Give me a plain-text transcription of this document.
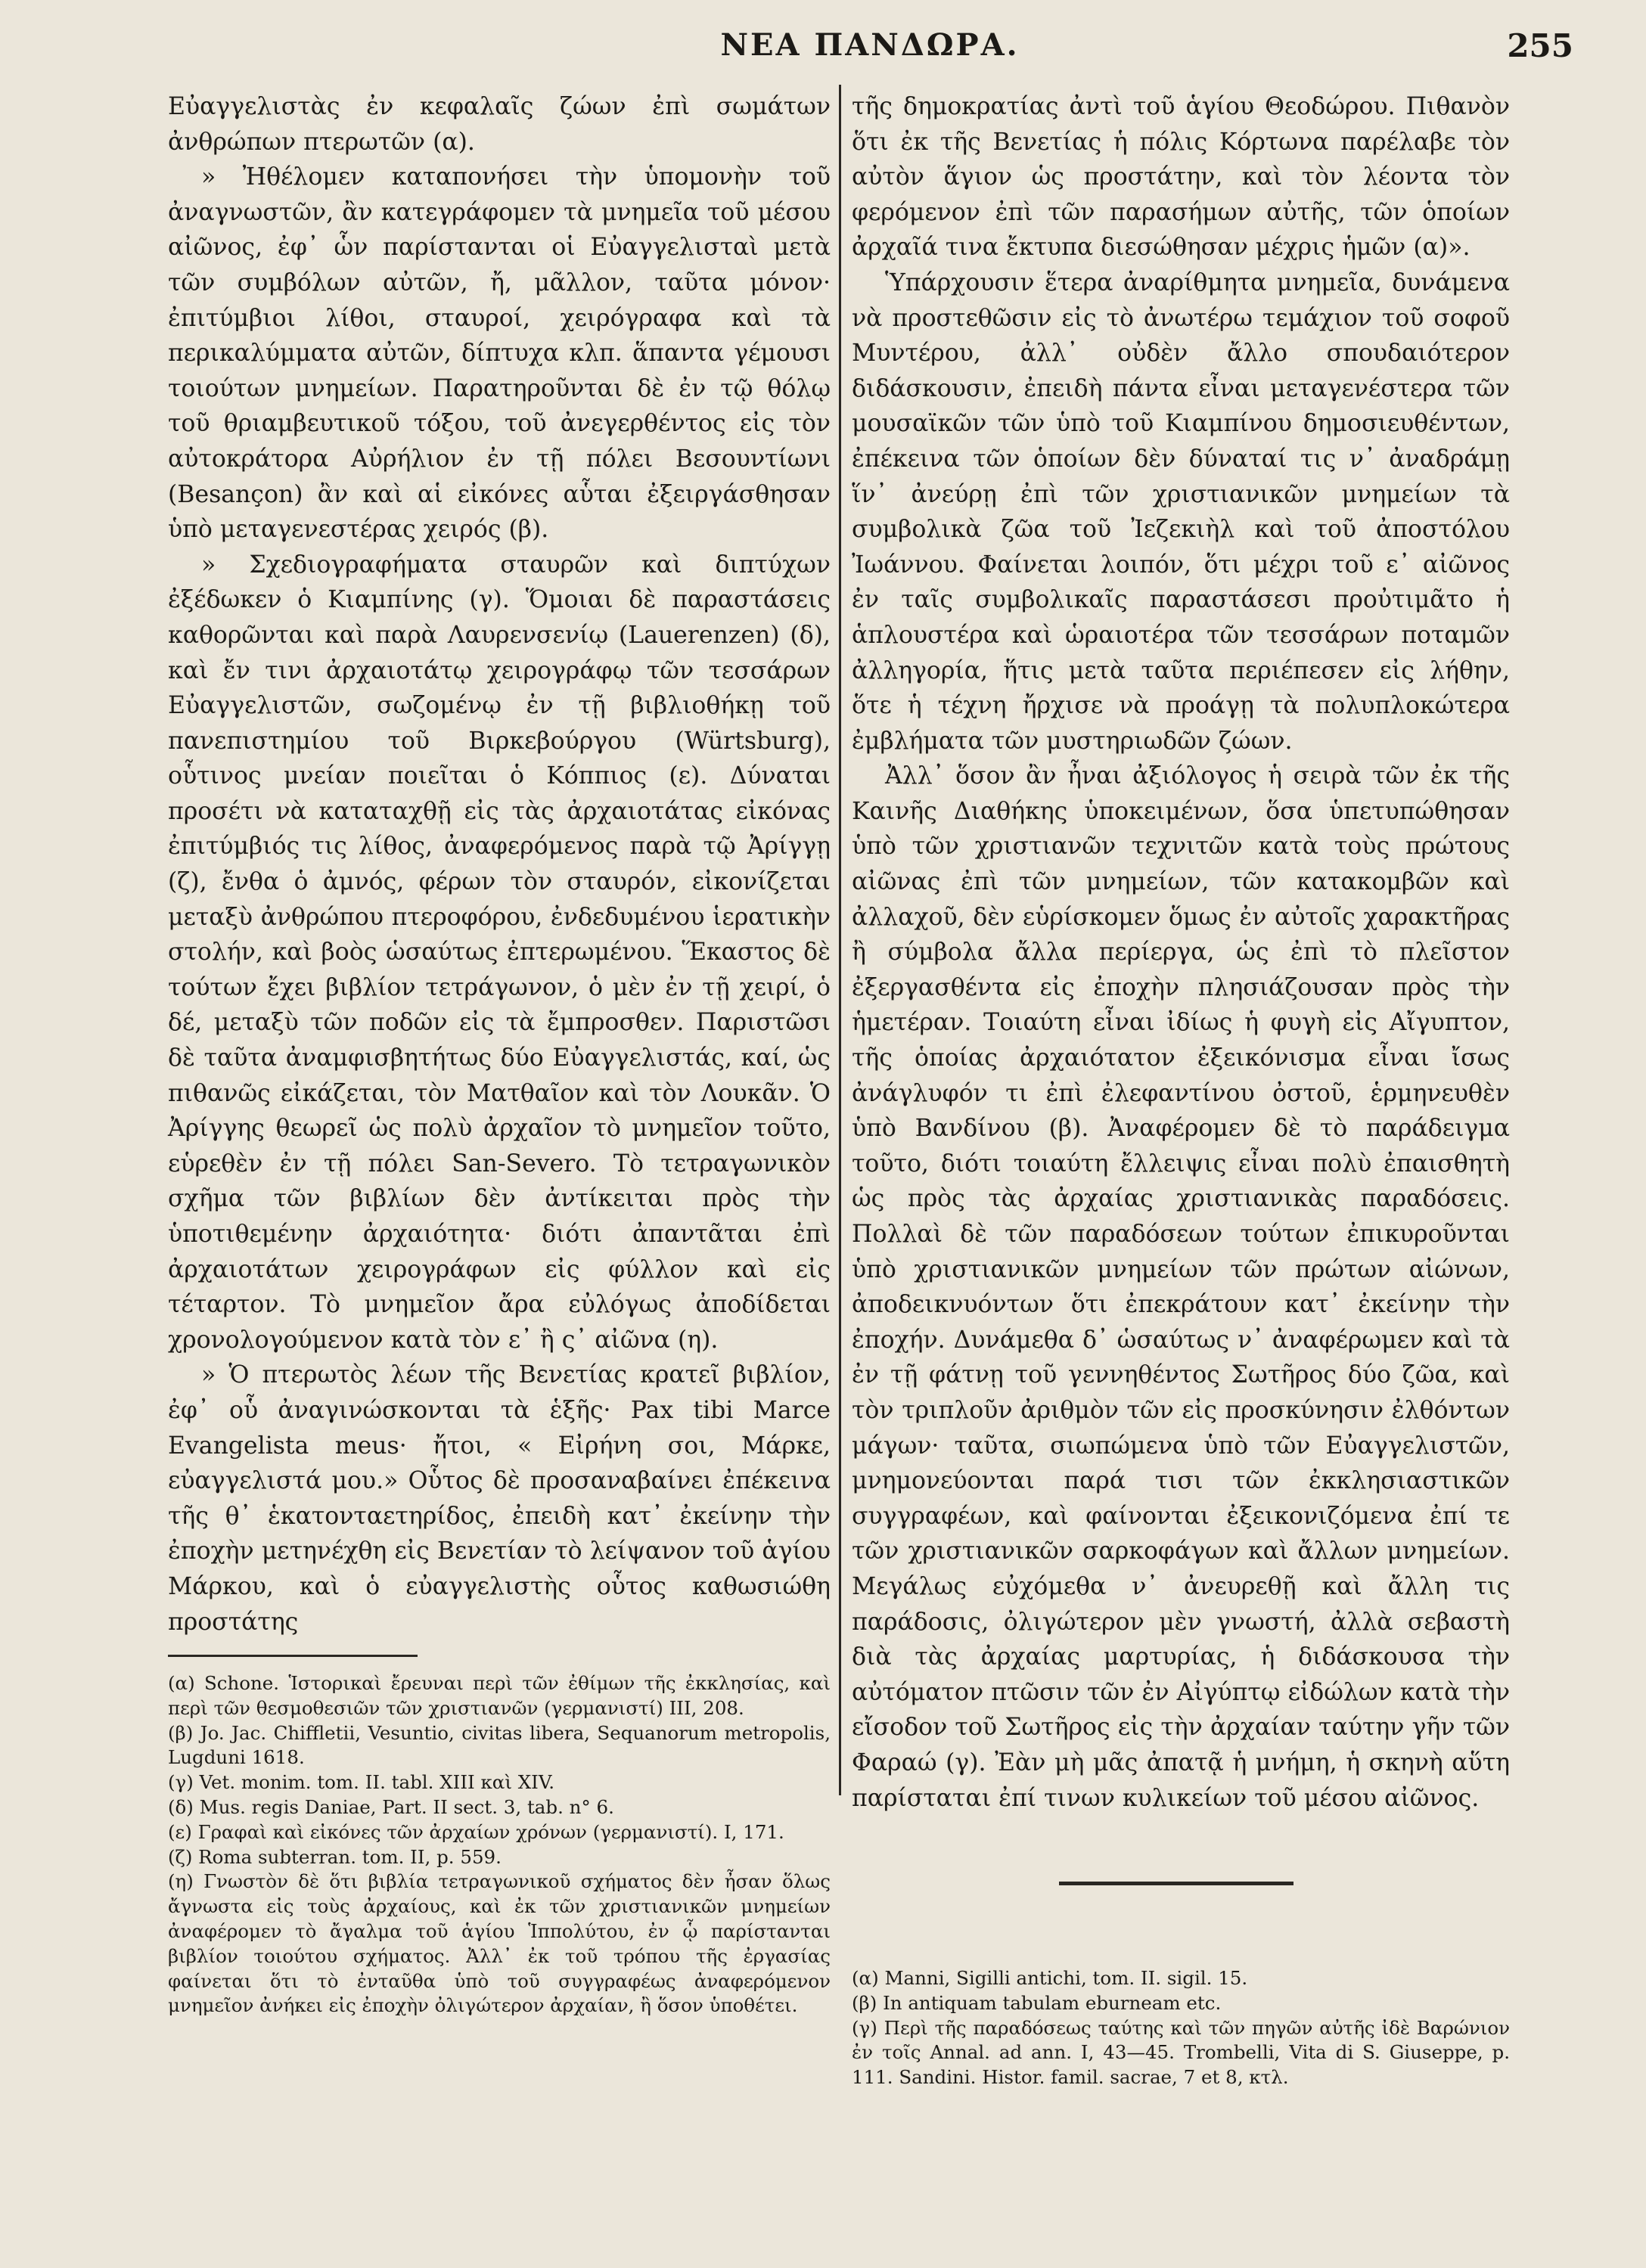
ΝΕΑ ΠΑΝΔΩΡΑ.	255

Εὐαγγελιστὰς ἐν κεφαλαῖς ζώων ἐπὶ σωμάτων ἀνθρώπων πτερωτῶν (α).

» Ἠθέλομεν καταπονήσει τὴν ὑπομονὴν τοῦ ἀναγνωστῶν, ἂν κατεγράφομεν τὰ μνημεῖα τοῦ μέσου αἰῶνος, ἐφ᾽ ὧν παρίστανται οἱ Εὐαγγελισταὶ μετὰ τῶν συμβόλων αὐτῶν, ἤ, μᾶλλον, ταῦτα μόνον· ἐπιτύμβιοι λίθοι, σταυροί, χειρόγραφα καὶ τὰ περικαλύμματα αὐτῶν, δίπτυχα κλπ. ἅπαντα γέμουσι τοιούτων μνημείων. Παρατηροῦνται δὲ ἐν τῷ θόλῳ τοῦ θριαμβευτικοῦ τόξου, τοῦ ἀνεγερθέντος εἰς τὸν αὐτοκράτορα Αὐρήλιον ἐν τῇ πόλει Βεσουντίωνι (Besançon) ἂν καὶ αἱ εἰκόνες αὗται ἐξειργάσθησαν ὑπὸ μεταγενεστέρας χειρός (β).

» Σχεδιογραφήματα σταυρῶν καὶ διπτύχων ἐξέδωκεν ὁ Κιαμπίνης (γ). Ὅμοιαι δὲ παραστάσεις καθορῶνται καὶ παρὰ Λαυρενσενίῳ (Lauerenzen) (δ), καὶ ἔν τινι ἀρχαιοτάτῳ χειρογράφῳ τῶν τεσσάρων Εὐαγγελιστῶν, σωζομένῳ ἐν τῇ βιβλιοθήκῃ τοῦ πανεπιστημίου τοῦ Βιρκεβούργου (Würtsburg), οὗτινος μνείαν ποιεῖται ὁ Κόππιος (ε). Δύναται προσέτι νὰ καταταχθῇ εἰς τὰς ἀρχαιοτάτας εἰκόνας ἐπιτύμβιός τις λίθος, ἀναφερόμενος παρὰ τῷ Ἀρίγγῃ (ζ), ἔνθα ὁ ἀμνός, φέρων τὸν σταυρόν, εἰκονίζεται μεταξὺ ἀνθρώπου πτεροφόρου, ἐνδεδυμένου ἱερατικὴν στολήν, καὶ βοὸς ὡσαύτως ἐπτερωμένου. Ἕκαστος δὲ τούτων ἔχει βιβλίον τετράγωνον, ὁ μὲν ἐν τῇ χειρί, ὁ δέ, μεταξὺ τῶν ποδῶν εἰς τὰ ἔμπροσθεν. Παριστῶσι δὲ ταῦτα ἀναμφισβητήτως δύο Εὐαγγελιστάς, καί, ὡς πιθανῶς εἰκάζεται, τὸν Ματθαῖον καὶ τὸν Λουκᾶν. Ὁ Ἀρίγγης θεωρεῖ ὡς πολὺ ἀρχαῖον τὸ μνημεῖον τοῦτο, εὑρεθὲν ἐν τῇ πόλει San-Severo. Τὸ τετραγωνικὸν σχῆμα τῶν βιβλίων δὲν ἀντίκειται πρὸς τὴν ὑποτιθεμένην ἀρχαιότητα· διότι ἀπαντᾶται ἐπὶ ἀρχαιοτάτων χειρογράφων εἰς φύλλον καὶ εἰς τέταρτον. Τὸ μνημεῖον ἄρα εὐλόγως ἀποδίδεται χρονολογούμενον κατὰ τὸν ε᾽ ἢ ς᾽ αἰῶνα (η).

» Ὁ πτερωτὸς λέων τῆς Βενετίας κρατεῖ βιβλίον, ἐφ᾽ οὗ ἀναγινώσκονται τὰ ἑξῆς· Pax tibi Marce Evangelista meus· ἤτοι, « Εἰρήνη σοι, Μάρκε, εὐαγγελιστά μου.» Οὗτος δὲ προσαναβαίνει ἐπέκεινα τῆς θ᾽ ἑκατονταετηρίδος, ἐπειδὴ κατ᾽ ἐκείνην τὴν ἐποχὴν μετηνέχθη εἰς Βενετίαν τὸ λείψανον τοῦ ἁγίου Μάρκου, καὶ ὁ εὐαγγελιστὴς οὗτος καθωσιώθη προστάτης

τῆς δημοκρατίας ἀντὶ τοῦ ἁγίου Θεοδώρου. Πιθανὸν ὅτι ἐκ τῆς Βενετίας ἡ πόλις Κόρτωνα παρέλαβε τὸν αὐτὸν ἅγιον ὡς προστάτην, καὶ τὸν λέοντα τὸν φερόμενον ἐπὶ τῶν παρασήμων αὐτῆς, τῶν ὁποίων ἀρχαῖά τινα ἔκτυπα διεσώθησαν μέχρις ἡμῶν (α)».

Ὑπάρχουσιν ἕτερα ἀναρίθμητα μνημεῖα, δυνάμενα νὰ προστεθῶσιν εἰς τὸ ἀνωτέρω τεμάχιον τοῦ σοφοῦ Μυντέρου, ἀλλ᾽ οὐδὲν ἄλλο σπουδαιότερον διδάσκουσιν, ἐπειδὴ πάντα εἶναι μεταγενέστερα τῶν μουσαϊκῶν τῶν ὑπὸ τοῦ Κιαμπίνου δημοσιευθέντων, ἐπέκεινα τῶν ὁποίων δὲν δύναταί τις ν᾽ ἀναδράμῃ ἵν᾽ ἀνεύρῃ ἐπὶ τῶν χριστιανικῶν μνημείων τὰ συμβολικὰ ζῶα τοῦ Ἰεζεκιὴλ καὶ τοῦ ἀποστόλου Ἰωάννου. Φαίνεται λοιπόν, ὅτι μέχρι τοῦ ε᾽ αἰῶνος ἐν ταῖς συμβολικαῖς παραστάσεσι προὐτιμᾶτο ἡ ἁπλουστέρα καὶ ὡραιοτέρα τῶν τεσσάρων ποταμῶν ἀλληγορία, ἥτις μετὰ ταῦτα περιέπεσεν εἰς λήθην, ὅτε ἡ τέχνη ἤρχισε νὰ προάγῃ τὰ πολυπλοκώτερα ἐμβλήματα τῶν μυστηριωδῶν ζώων.

Ἀλλ᾽ ὅσον ἂν ἦναι ἀξιόλογος ἡ σειρὰ τῶν ἐκ τῆς Καινῆς Διαθήκης ὑποκειμένων, ὅσα ὑπετυπώθησαν ὑπὸ τῶν χριστιανῶν τεχνιτῶν κατὰ τοὺς πρώτους αἰῶνας ἐπὶ τῶν μνημείων, τῶν κατακομβῶν καὶ ἀλλαχοῦ, δὲν εὑρίσκομεν ὅμως ἐν αὐτοῖς χαρακτῆρας ἢ σύμβολα ἄλλα περίεργα, ὡς ἐπὶ τὸ πλεῖστον ἐξεργασθέντα εἰς ἐποχὴν πλησιάζουσαν πρὸς τὴν ἡμετέραν. Τοιαύτη εἶναι ἰδίως ἡ φυγὴ εἰς Αἴγυπτον, τῆς ὁποίας ἀρχαιότατον ἐξεικόνισμα εἶναι ἴσως ἀνάγλυφόν τι ἐπὶ ἐλεφαντίνου ὀστοῦ, ἑρμηνευθὲν ὑπὸ Βανδίνου (β). Ἀναφέρομεν δὲ τὸ παράδειγμα τοῦτο, διότι τοιαύτη ἔλλειψις εἶναι πολὺ ἐπαισθητὴ ὡς πρὸς τὰς ἀρχαίας χριστιανικὰς παραδόσεις. Πολλαὶ δὲ τῶν παραδόσεων τούτων ἐπικυροῦνται ὑπὸ χριστιανικῶν μνημείων τῶν πρώτων αἰώνων, ἀποδεικνυόντων ὅτι ἐπεκράτουν κατ᾽ ἐκείνην τὴν ἐποχήν. Δυνάμεθα δ᾽ ὡσαύτως ν᾽ ἀναφέρωμεν καὶ τὰ ἐν τῇ φάτνῃ τοῦ γεννηθέντος Σωτῆρος δύο ζῶα, καὶ τὸν τριπλοῦν ἀριθμὸν τῶν εἰς προσκύνησιν ἐλθόντων μάγων· ταῦτα, σιωπώμενα ὑπὸ τῶν Εὐαγγελιστῶν, μνημονεύονται παρά τισι τῶν ἐκκλησιαστικῶν συγγραφέων, καὶ φαίνονται ἐξεικονιζόμενα ἐπί τε τῶν χριστιανικῶν σαρκοφάγων καὶ ἄλλων μνημείων. Μεγάλως εὐχόμεθα ν᾽ ἀνευρεθῇ καὶ ἄλλη τις παράδοσις, ὀλιγώτερον μὲν γνωστή, ἀλλὰ σεβαστὴ διὰ τὰς ἀρχαίας μαρτυρίας, ἡ διδάσκουσα τὴν αὐτόματον πτῶσιν τῶν ἐν Αἰγύπτῳ εἰδώλων κατὰ τὴν εἴσοδον τοῦ Σωτῆρος εἰς τὴν ἀρχαίαν ταύτην γῆν τῶν Φαραώ (γ). Ἐὰν μὴ μᾶς ἀπατᾷ ἡ μνήμη, ἡ σκηνὴ αὕτη παρίσταται ἐπί τινων κυλικείων τοῦ μέσου αἰῶνος.

(α) Schone. Ἱστορικαὶ ἔρευναι περὶ τῶν ἐθίμων τῆς ἐκκλησίας, καὶ περὶ τῶν θεσμοθεσιῶν τῶν χριστιανῶν (γερμανιστί) III, 208.

(β) Jo. Jac. Chiffletii, Vesuntio, civitas libera, Sequanorum metropolis, Lugduni 1618.

(γ) Vet. monim. tom. II. tabl. XIII καὶ XIV.

(δ) Mus. regis Daniae, Part. II sect. 3, tab. n° 6.

(ε) Γραφαὶ καὶ εἰκόνες τῶν ἀρχαίων χρόνων (γερμανιστί). I, 171.

(ζ) Roma subterran. tom. II, p. 559.

(η) Γνωστὸν δὲ ὅτι βιβλία τετραγωνικοῦ σχήματος δὲν ἦσαν ὅλως ἄγνωστα εἰς τοὺς ἀρχαίους, καὶ ἐκ τῶν χριστιανικῶν μνημείων ἀναφέρομεν τὸ ἄγαλμα τοῦ ἁγίου Ἱππολύτου, ἐν ᾧ παρίστανται βιβλίον τοιούτου σχήματος. Ἀλλ᾽ ἐκ τοῦ τρόπου τῆς ἐργασίας φαίνεται ὅτι τὸ ἐνταῦθα ὑπὸ τοῦ συγγραφέως ἀναφερόμενον μνημεῖον ἀνήκει εἰς ἐποχὴν ὀλιγώτερον ἀρχαίαν, ἢ ὅσον ὑποθέτει.

(α) Manni, Sigilli antichi, tom. II. sigil. 15.

(β) In antiquam tabulam eburneam etc.

(γ) Περὶ τῆς παραδόσεως ταύτης καὶ τῶν πηγῶν αὐτῆς ἰδὲ Βαρώνιον ἐν τοῖς Annal. ad ann. I, 43—45. Trombelli, Vita di S. Giuseppe, p. 111. Sandini. Histor. famil. sacrae, 7 et 8, κτλ.
